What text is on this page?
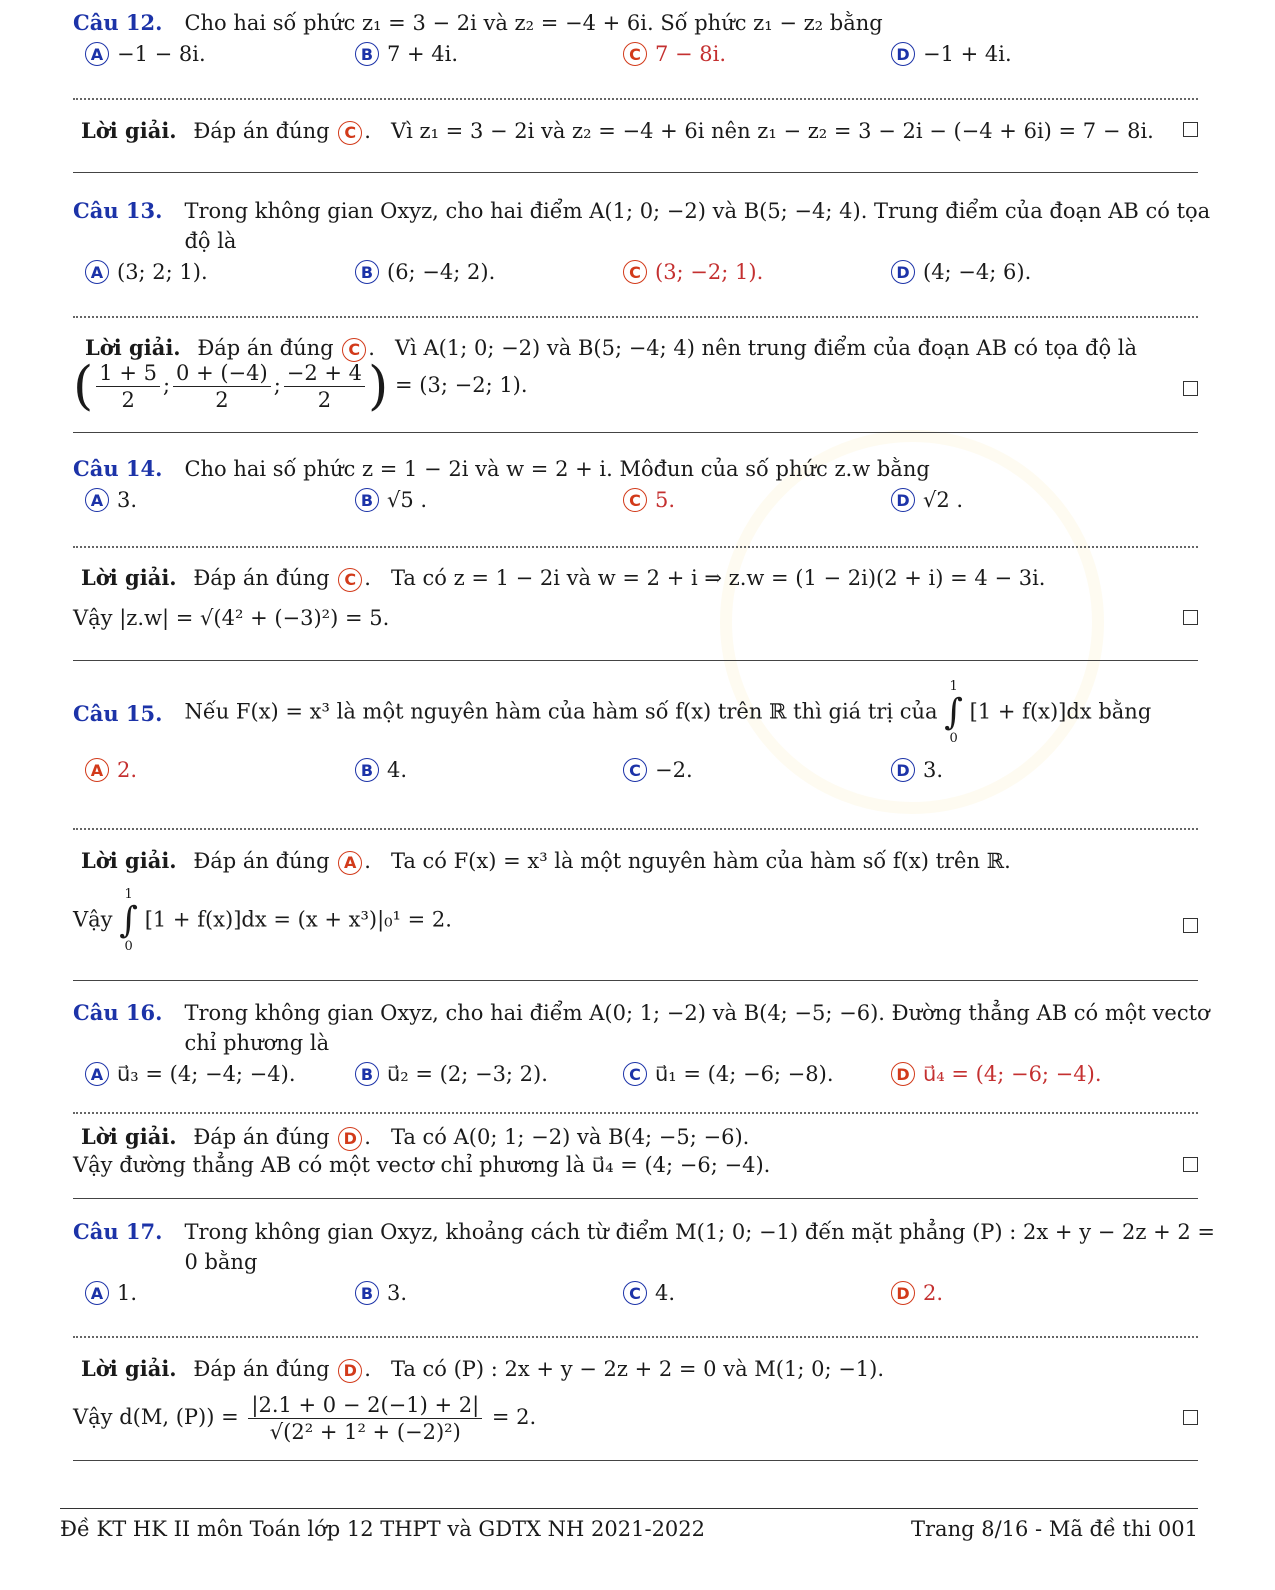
Câu 12. Cho hai số phức z₁ = 3 − 2i và z₂ = −4 + 6i. Số phức z₁ − z₂ bằng
A −1 − 8i.	B 7 + 4i.	C 7 − 8i.	D −1 + 4i.
Lời giải. Đáp án đúng C .   Vì z₁ = 3 − 2i và z₂ = −4 + 6i nên z₁ − z₂ = 3 − 2i − (−4 + 6i) = 7 − 8i.
Câu 13. Trong không gian Oxyz, cho hai điểm A(1; 0; −2) và B(5; −4; 4). Trung điểm của đoạn AB có tọa độ là
A (3; 2; 1).	B (6; −4; 2).	C (3; −2; 1).	D (4; −4; 6).
Lời giải. Đáp án đúng C .   Vì A(1; 0; −2) và B(5; −4; 4) nên trung điểm của đoạn AB có tọa độ là
( $\frac{1 + 5}{2}$ ; $\frac{0 + (-4)}{2}$ ; $\frac{-2 + 4}{2}$ ) = (3; −2; 1).
Câu 14. Cho hai số phức z = 1 − 2i và w = 2 + i. Môđun của số phức z.w bằng
A 3.	B √5 .	C 5.	D √2 .
Lời giải. Đáp án đúng C .   Ta có z = 1 − 2i và w = 2 + i ⇒ z.w = (1 − 2i)(2 + i) = 4 − 3i.
Vậy |z.w| = √(4² + (−3)²) = 5.
Câu 15. Nếu F(x) = x³ là một nguyên hàm của hàm số f(x) trên ℝ thì giá trị của
1
∫
0
[1 + f(x)]dx bằng
A 2.	B 4.	C −2.	D 3.
Lời giải. Đáp án đúng A .   Ta có F(x) = x³ là một nguyên hàm của hàm số f(x) trên ℝ.
Vậy
1
∫
0
[1 + f(x)]dx = (x + x³)|₀¹ = 2.
Câu 16. Trong không gian Oxyz, cho hai điểm A(0; 1; −2) và B(4; −5; −6). Đường thẳng AB có một vectơ chỉ phương là
A u⃗₃ = (4; −4; −4).	B u⃗₂ = (2; −3; 2).	C u⃗₁ = (4; −6; −8).	D u⃗₄ = (4; −6; −4).
Lời giải. Đáp án đúng D .   Ta có A(0; 1; −2) và B(4; −5; −6).
Vậy đường thẳng AB có một vectơ chỉ phương là u⃗₄ = (4; −6; −4).
Câu 17. Trong không gian Oxyz, khoảng cách từ điểm M(1; 0; −1) đến mặt phẳng (P) : 2x + y − 2z + 2 = 0 bằng
A 1.	B 3.	C 4.	D 2.
Lời giải. Đáp án đúng D .   Ta có (P) : 2x + y − 2z + 2 = 0 và M(1; 0; −1).
Vậy d(M, $(P)) = \frac{|2.1 + 0 - 2(-1) + 2|}{\text{√(2² + 1² + (−2)²)}} = 2$.
Đề KT HK II môn Toán lớp 12 THPT và GDTX NH 2021-2022	Trang 8/16 - Mã đề thi 001
